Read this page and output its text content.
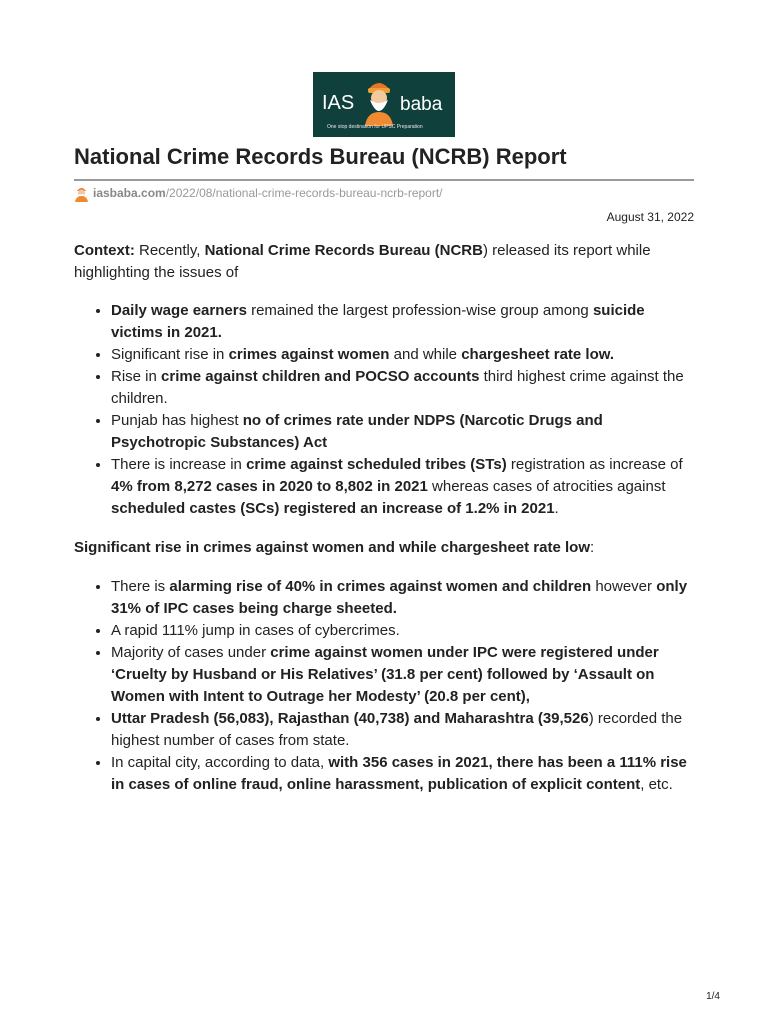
IAS baba
One stop destination for UPSC Preparation
National Crime Records Bureau (NCRB) Report
iasbaba.com /2022/08/national-crime-records-bureau-ncrb-report/
August 31, 2022

Context: Recently, National Crime Records Bureau (NCRB) released its report while highlighting the issues of

• Daily wage earners remained the largest profession-wise group among suicide victims in 2021.
• Significant rise in crimes against women and while chargesheet rate low.
• Rise in crime against children and POCSO accounts third highest crime against the children.
• Punjab has highest no of crimes rate under NDPS (Narcotic Drugs and Psychotropic Substances) Act
• There is increase in crime against scheduled tribes (STs) registration as increase of 4% from 8,272 cases in 2020 to 8,802 in 2021 whereas cases of atrocities against scheduled castes (SCs) registered an increase of 1.2% in 2021.

Significant rise in crimes against women and while chargesheet rate low:

• There is alarming rise of 40% in crimes against women and children however only 31% of IPC cases being charge sheeted.
• A rapid 111% jump in cases of cybercrimes.
• Majority of cases under crime against women under IPC were registered under ‘Cruelty by Husband or His Relatives’ (31.8 per cent) followed by ‘Assault on Women with Intent to Outrage her Modesty’ (20.8 per cent),
• Uttar Pradesh (56,083), Rajasthan (40,738) and Maharashtra (39,526) recorded the highest number of cases from state.
• In capital city, according to data, with 356 cases in 2021, there has been a 111% rise in cases of online fraud, online harassment, publication of explicit content, etc.
1/4
